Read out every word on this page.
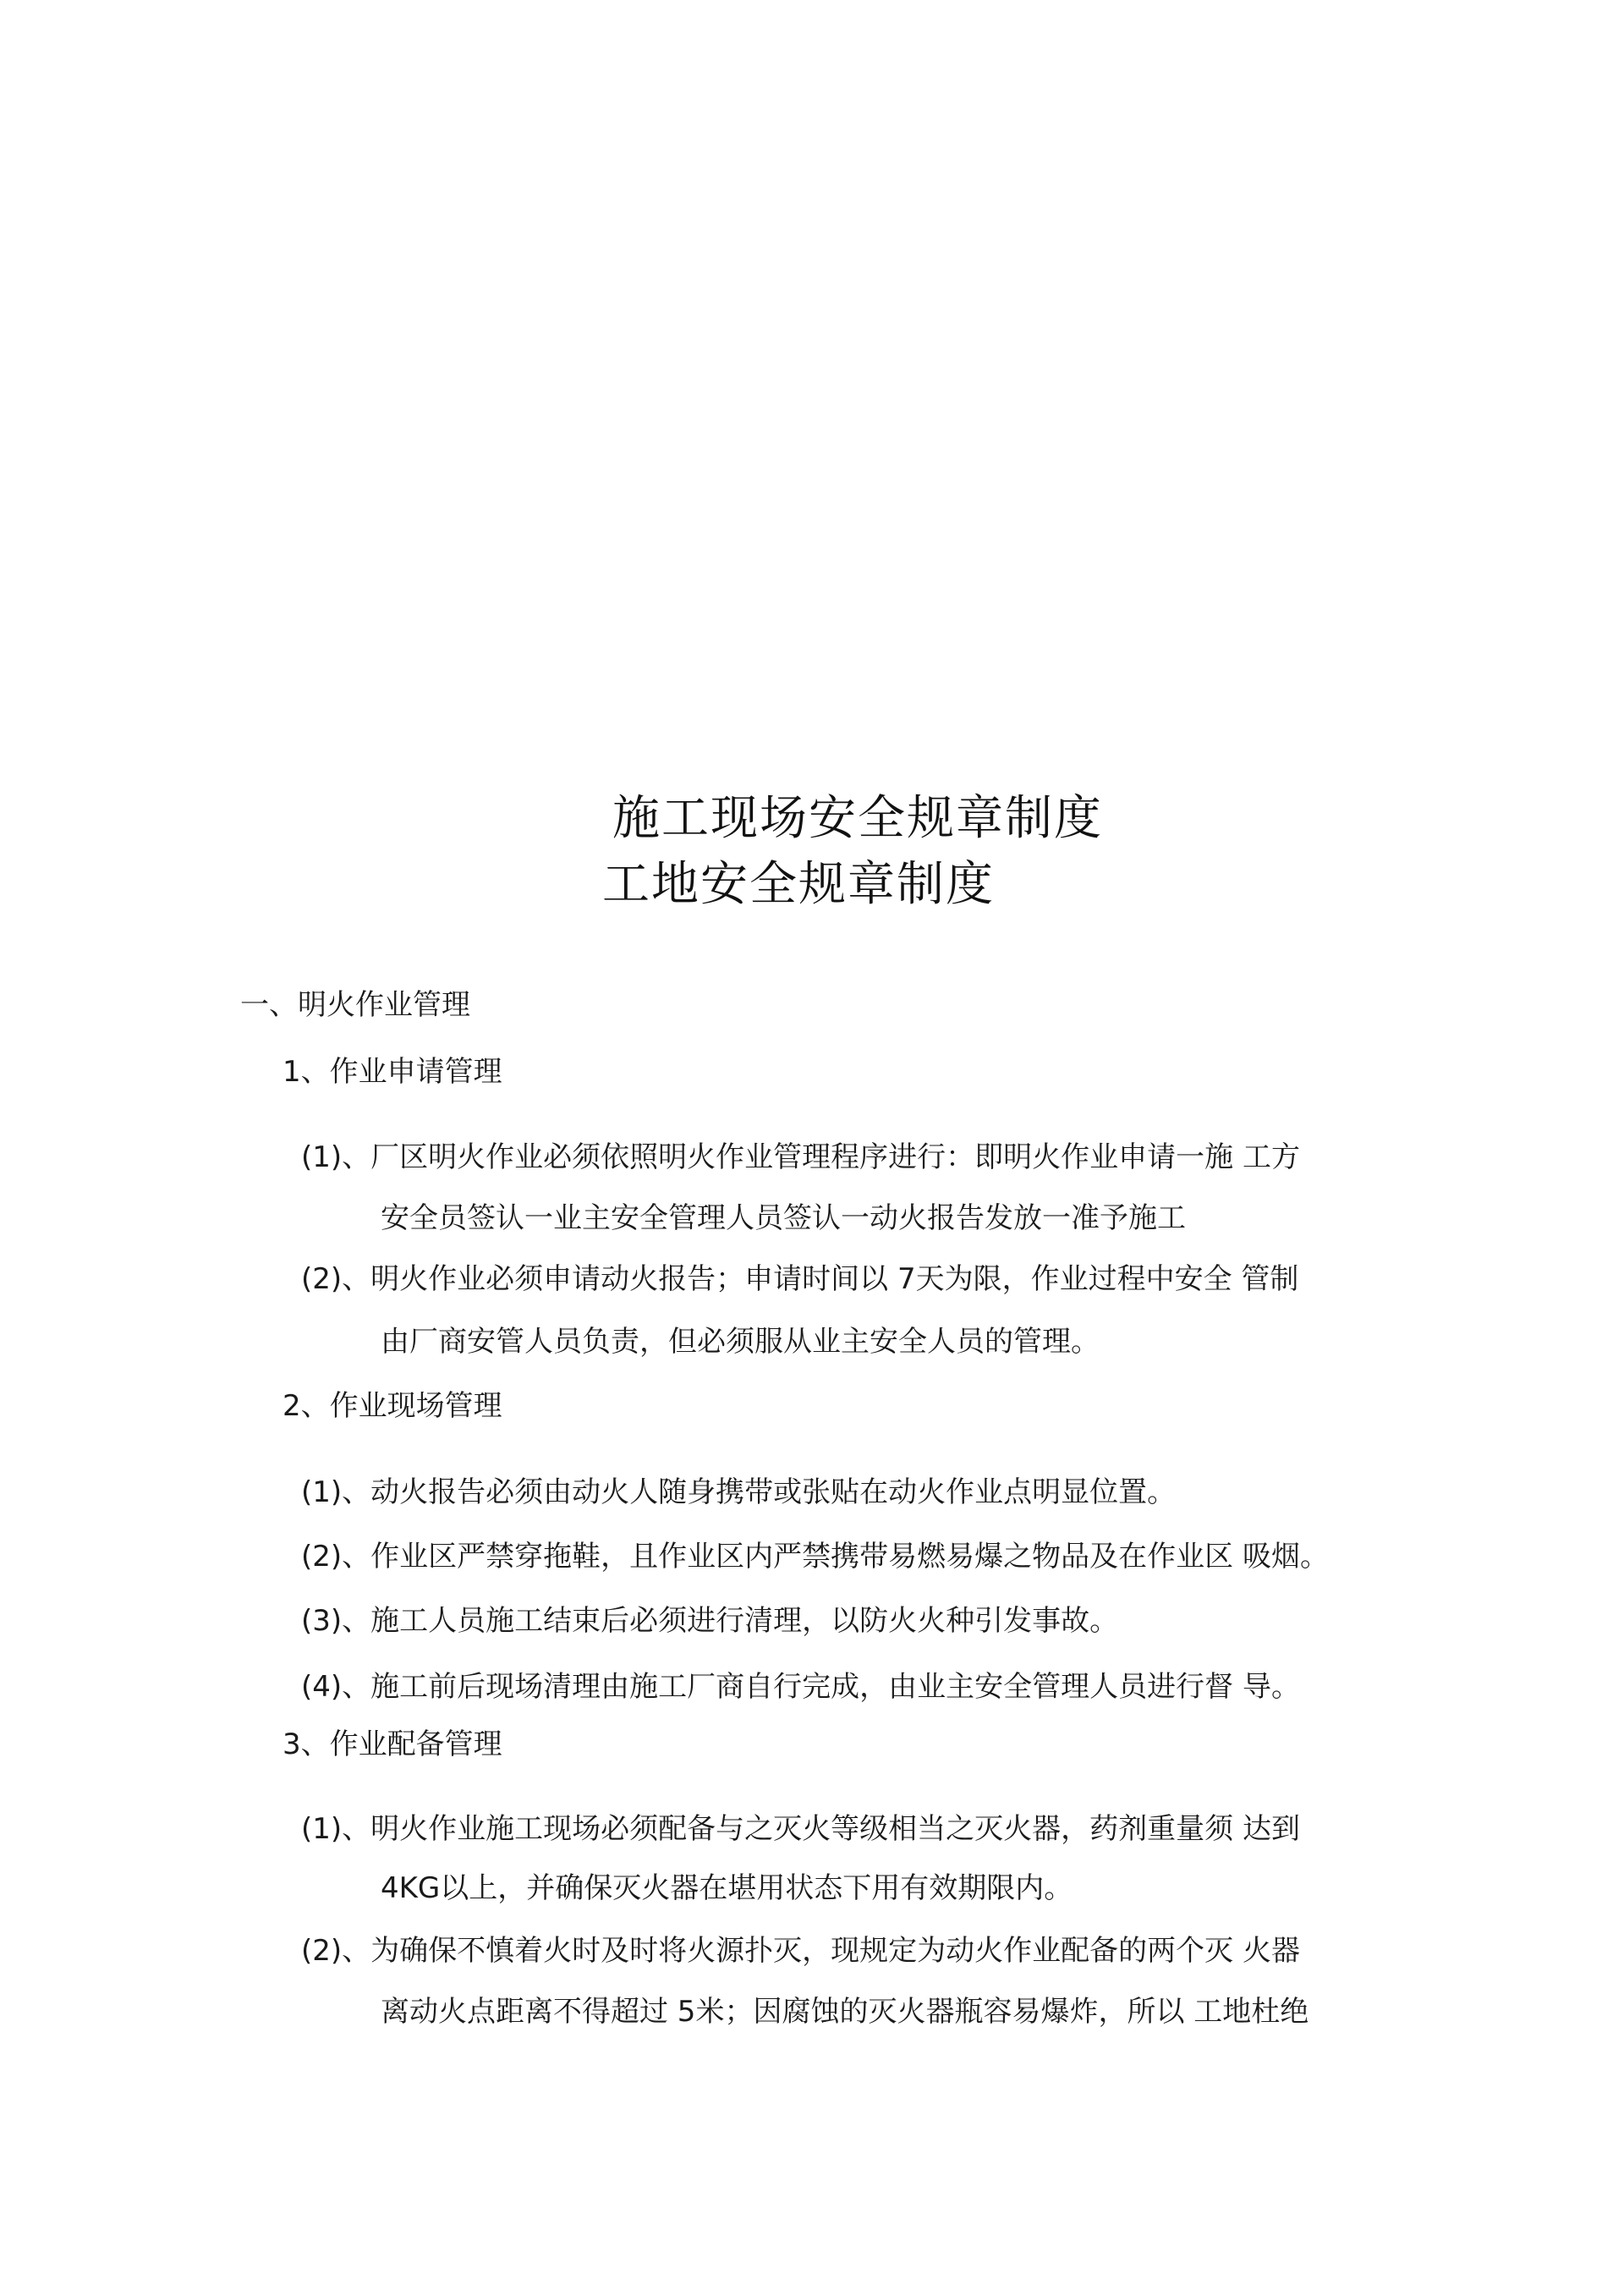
施工现场安全规章制度
工地安全规章制度
一、明火作业管理
1、作业申请管理
(1)、厂区明火作业必须依照明火作业管理程序进行：即明火作业申请一施 工方
安全员签认一业主安全管理人员签认一动火报告发放一准予施工
(2)、明火作业必须申请动火报告；申请时间以 7天为限，作业过程中安全 管制
由厂商安管人员负责，但必须服从业主安全人员的管理。
2、作业现场管理
(1)、动火报告必须由动火人随身携带或张贴在动火作业点明显位置。
(2)、作业区严禁穿拖鞋，且作业区内严禁携带易燃易爆之物品及在作业区 吸烟。
(3)、施工人员施工结束后必须进行清理，以防火火种引发事故。
(4)、施工前后现场清理由施工厂商自行完成，由业主安全管理人员进行督 导。
3、作业配备管理
(1)、明火作业施工现场必须配备与之灭火等级相当之灭火器，药剂重量须 达到
4KG以上，并确保灭火器在堪用状态下用有效期限内。
(2)、为确保不慎着火时及时将火源扑灭，现规定为动火作业配备的两个灭 火器
离动火点距离不得超过 5米；因腐蚀的灭火器瓶容易爆炸，所以 工地杜绝
